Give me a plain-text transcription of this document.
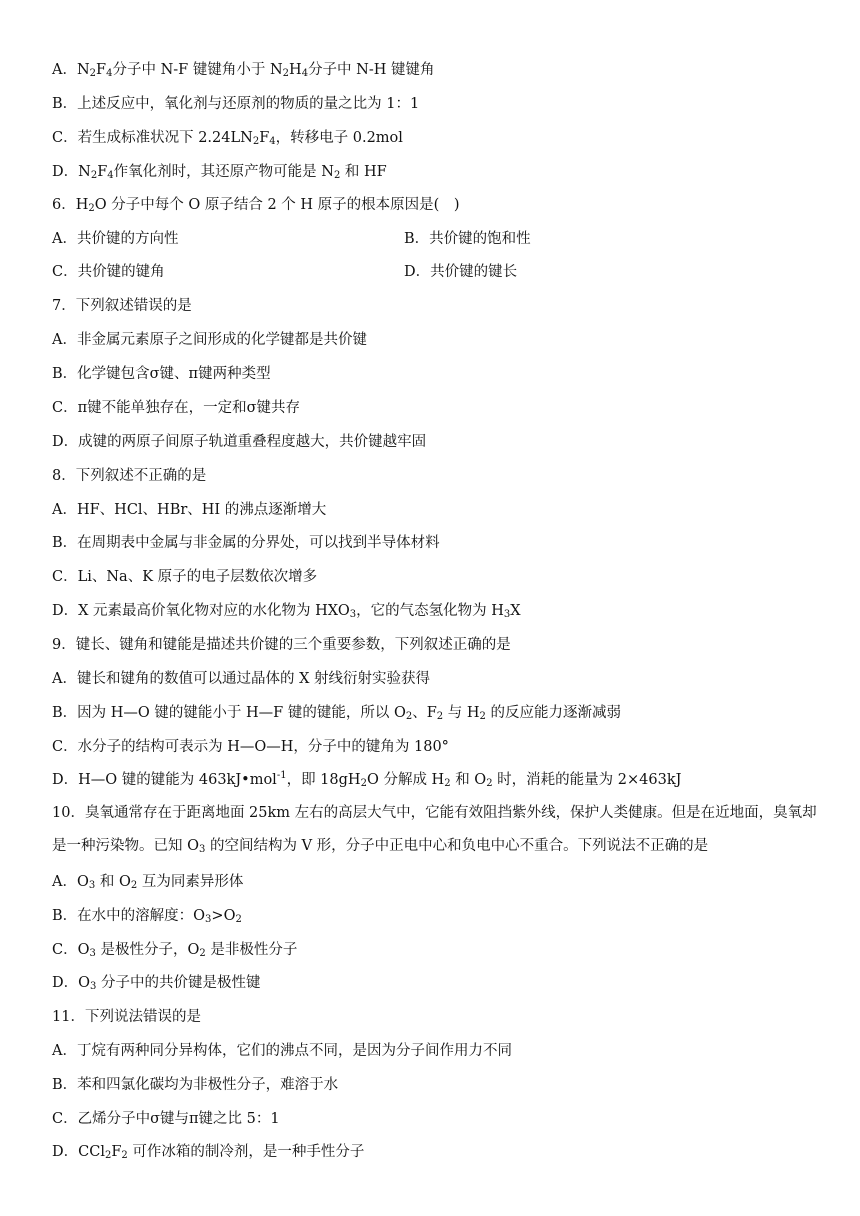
A．$N_2F_4$分子中 N-F 键键角小于 $N_2H_4$分子中 N-H 键键角
B．上述反应中，氧化剂与还原剂的物质的量之比为 1：1
C．若生成标准状况下 $2.24LN_2F_4$，转移电子 0.2mol
D．$N_2F_4$作氧化剂时，其还原产物可能是 $N_2$ 和 HF
6．$H_2O$ 分子中每个 O 原子结合 2 个 H 原子的根本原因是(　)
A．共价键的方向性	B．共价键的饱和性
C．共价键的键角	D．共价键的键长
7．下列叙述错误的是
A．非金属元素原子之间形成的化学键都是共价键
B．化学键包含σ键、π键两种类型
C．π键不能单独存在，一定和σ键共存
D．成键的两原子间原子轨道重叠程度越大，共价键越牢固
8．下列叙述不正确的是
A．HF、HCl、HBr、HI 的沸点逐渐增大
B．在周期表中金属与非金属的分界处，可以找到半导体材料
C．Li、Na、K 原子的电子层数依次增多
D．X 元素最高价氧化物对应的水化物为 $HXO_3$，它的气态氢化物为 $H_3X$
9．键长、键角和键能是描述共价键的三个重要参数，下列叙述正确的是
A．键长和键角的数值可以通过晶体的 X 射线衍射实验获得
B．因为 H—O 键的键能小于 H—F 键的键能，所以 $O_2$、$F_2$ 与 $H_2$ 的反应能力逐渐减弱
C．水分子的结构可表示为 H—O—H，分子中的键角为 180°
D．H—O 键的键能为 463kJ•mol$^{-1}$，即 $18gH_2O$ 分解成 $H_2$ 和 $O_2$ 时，消耗的能量为 2×463kJ
10．臭氧通常存在于距离地面 25km 左右的高层大气中，它能有效阻挡紫外线，保护人类健康。但是在近地面，臭氧却是一种污染物。已知 $O_3$ 的空间结构为 V 形，分子中正电中心和负电中心不重合。下列说法不正确的是
A．$O_3$ 和 $O_2$ 互为同素异形体
B．在水中的溶解度：$O_3>O_2$
C．$O_3$ 是极性分子，$O_2$ 是非极性分子
D．$O_3$ 分子中的共价键是极性键
11．下列说法错误的是
A．丁烷有两种同分异构体，它们的沸点不同，是因为分子间作用力不同
B．苯和四氯化碳均为非极性分子，难溶于水
C．乙烯分子中σ键与π键之比 5：1
D．$CCl_2F_2$ 可作冰箱的制冷剂，是一种手性分子
